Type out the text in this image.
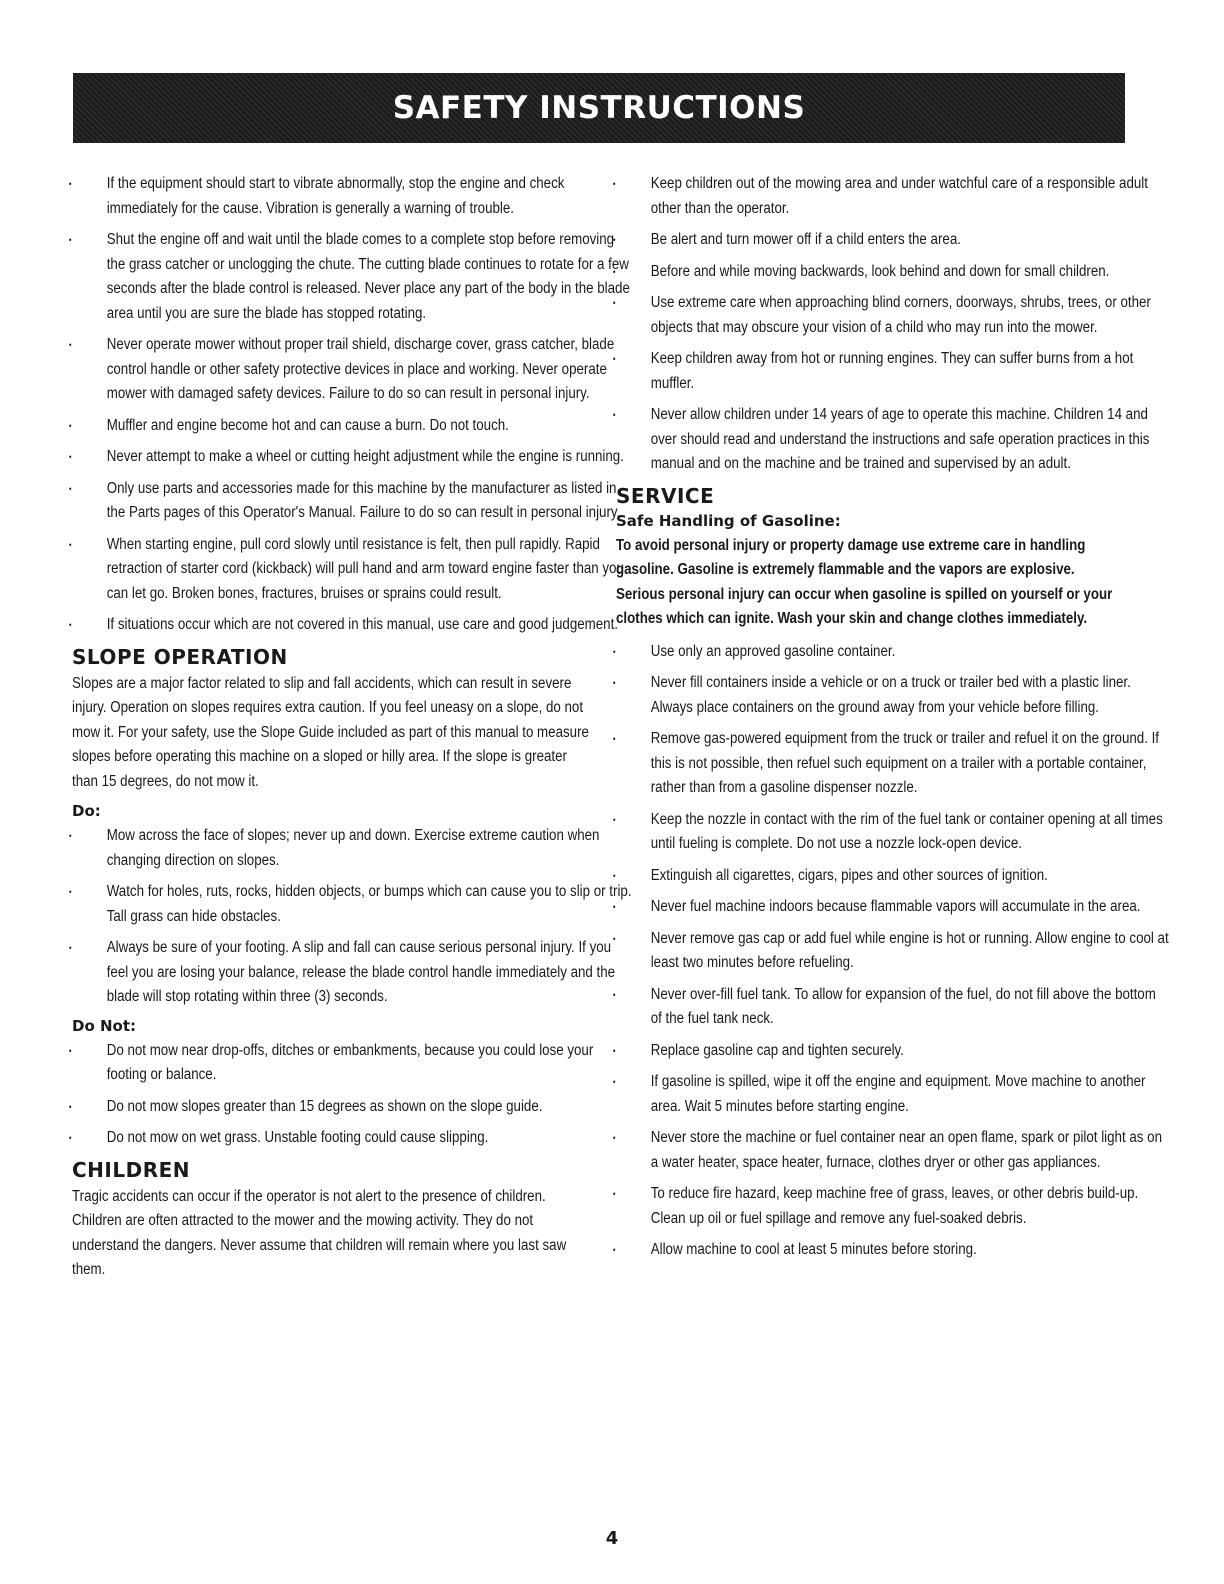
SAFETY INSTRUCTIONS
• If the equipment should start to vibrate abnormally, stop the engine and check immediately for the cause. Vibration is generally a warning of trouble.
• Shut the engine off and wait until the blade comes to a complete stop before removing the grass catcher or unclogging the chute. The cutting blade continues to rotate for a few seconds after the blade control is released. Never place any part of the body in the blade area until you are sure the blade has stopped rotating.
• Never operate mower without proper trail shield, discharge cover, grass catcher, blade control handle or other safety protective devices in place and working. Never operate mower with damaged safety devices. Failure to do so can result in personal injury.
• Muffler and engine become hot and can cause a burn. Do not touch.
• Never attempt to make a wheel or cutting height adjustment while the engine is running.
• Only use parts and accessories made for this machine by the manufacturer as listed in the Parts pages of this Operator's Manual. Failure to do so can result in personal injury.
• When starting engine, pull cord slowly until resistance is felt, then pull rapidly. Rapid retraction of starter cord (kickback) will pull hand and arm toward engine faster than you can let go. Broken bones, fractures, bruises or sprains could result.
• If situations occur which are not covered in this manual, use care and good judgement.
SLOPE OPERATION

Slopes are a major factor related to slip and fall accidents, which can result in severe injury. Operation on slopes requires extra caution. If you feel uneasy on a slope, do not mow it. For your safety, use the Slope Guide included as part of this manual to measure slopes before operating this machine on a sloped or hilly area. If the slope is greater than 15 degrees, do not mow it.

Do:
• Mow across the face of slopes; never up and down. Exercise extreme caution when changing direction on slopes.
• Watch for holes, ruts, rocks, hidden objects, or bumps which can cause you to slip or trip. Tall grass can hide obstacles.
• Always be sure of your footing. A slip and fall can cause serious personal injury. If you feel you are losing your balance, release the blade control handle immediately and the blade will stop rotating within three (3) seconds.
Do Not:
• Do not mow near drop-offs, ditches or embankments, because you could lose your footing or balance.
• Do not mow slopes greater than 15 degrees as shown on the slope guide.
• Do not mow on wet grass. Unstable footing could cause slipping.
CHILDREN

Tragic accidents can occur if the operator is not alert to the presence of children. Children are often attracted to the mower and the mowing activity. They do not understand the dangers. Never assume that children will remain where you last saw them.

• Keep children out of the mowing area and under watchful care of a responsible adult other than the operator.
• Be alert and turn mower off if a child enters the area.
• Before and while moving backwards, look behind and down for small children.
• Use extreme care when approaching blind corners, doorways, shrubs, trees, or other objects that may obscure your vision of a child who may run into the mower.
• Keep children away from hot or running engines. They can suffer burns from a hot muffler.
• Never allow children under 14 years of age to operate this machine. Children 14 and over should read and understand the instructions and safe operation practices in this manual and on the machine and be trained and supervised by an adult.
SERVICE
Safe Handling of Gasoline:

To avoid personal injury or property damage use extreme care in handling gasoline. Gasoline is extremely flammable and the vapors are explosive. Serious personal injury can occur when gasoline is spilled on yourself or your clothes which can ignite. Wash your skin and change clothes immediately.

• Use only an approved gasoline container.
• Never fill containers inside a vehicle or on a truck or trailer bed with a plastic liner. Always place containers on the ground away from your vehicle before filling.
• Remove gas-powered equipment from the truck or trailer and refuel it on the ground. If this is not possible, then refuel such equipment on a trailer with a portable container, rather than from a gasoline dispenser nozzle.
• Keep the nozzle in contact with the rim of the fuel tank or container opening at all times until fueling is complete. Do not use a nozzle lock-open device.
• Extinguish all cigarettes, cigars, pipes and other sources of ignition.
• Never fuel machine indoors because flammable vapors will accumulate in the area.
• Never remove gas cap or add fuel while engine is hot or running. Allow engine to cool at least two minutes before refueling.
• Never over-fill fuel tank. To allow for expansion of the fuel, do not fill above the bottom of the fuel tank neck.
• Replace gasoline cap and tighten securely.
• If gasoline is spilled, wipe it off the engine and equipment. Move machine to another area. Wait 5 minutes before starting engine.
• Never store the machine or fuel container near an open flame, spark or pilot light as on a water heater, space heater, furnace, clothes dryer or other gas appliances.
• To reduce fire hazard, keep machine free of grass, leaves, or other debris build-up. Clean up oil or fuel spillage and remove any fuel-soaked debris.
• Allow machine to cool at least 5 minutes before storing.
4
